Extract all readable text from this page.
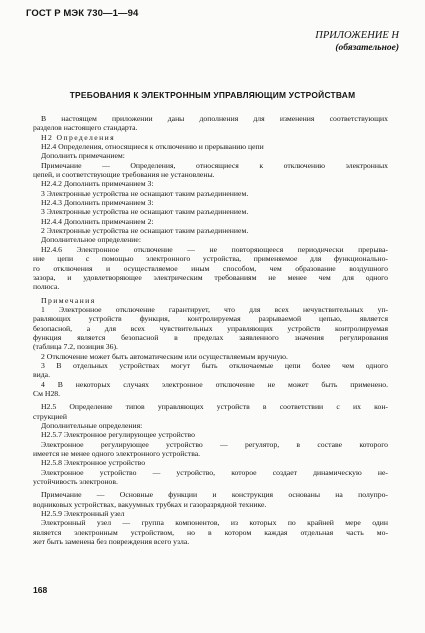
ГОСТ Р МЭК 730—1—94
ПРИЛОЖЕНИЕ Н
(обязательное)
ТРЕБОВАНИЯ К ЭЛЕКТРОННЫМ УПРАВЛЯЮЩИМ УСТРОЙСТВАМ
В настоящем приложении даны дополнения для изменения соответствующих
разделов настоящего стандарта.
Н2 Определения
Н2.4 Определения, относящиеся к отключению и прерыванию цепи
Дополнить примечанием:
Примечание — Определения, относящиеся к отключению электронных
цепей, и соответствующие требования не установлены.
Н2.4.2 Дополнить примечанием 3:
3 Электронные устройства не оснащают таким разъединением.
Н2.4.3 Дополнить примечанием 3:
3 Электронные устройства не оснащают таким разъединением.
Н2.4.4 Дополнить примечанием 2:
2 Электронные устройства не оснащают таким разъединением.
Дополнительное определение:
Н2.4.6 Электронное отключение — не повторяющееся периодически прерыва-
ние цепи с помощью электронного устройства, применяемое для функционально-
го отключения и осуществляемое иным способом, чем образование воздушного
зазора, и удовлетворяющее электрическим требованиям не менее чем для одного
полюса.
Примечания
1 Электронное отключение гарантирует, что для всех нечувствительных уп-
равляющих устройств функция, контролируемая разрываемой цепью, является
безопасной, а для всех чувствительных управляющих устройств контролируемая
функция является безопасной в пределах заявленного значения регулирования
(таблица 7.2, позиция 36).
2 Отключение может быть автоматическим или осуществляемым вручную.
3 В отдельных устройствах могут быть отключаемые цепи более чем одного
вида.
4 В некоторых случаях электронное отключение не может быть применено.
См Н28.
Н2.5 Определение типов управляющих устройств в соответствии с их кон-
струкцией
Дополнительные определения:
Н2.5.7 Электронное регулирующее устройство
Электронное регулирующее устройство — регулятор, в составе которого
имеется не менее одного электронного устройства.
Н2.5.8 Электронное устройство
Электронное устройство — устройство, которое создает динамическую не-
устойчивость электронов.
Примечание — Основные функции и конструкция основаны на полупро-
водниковых устройствах, вакуумных трубках и газоразрядной технике.
Н2.5.9 Электронный узел
Электронный узел — группа компонентов, из которых по крайней мере один
является электронным устройством, но в котором каждая отдельная часть мо-
жет быть заменена без повреждения всего узла.
168
